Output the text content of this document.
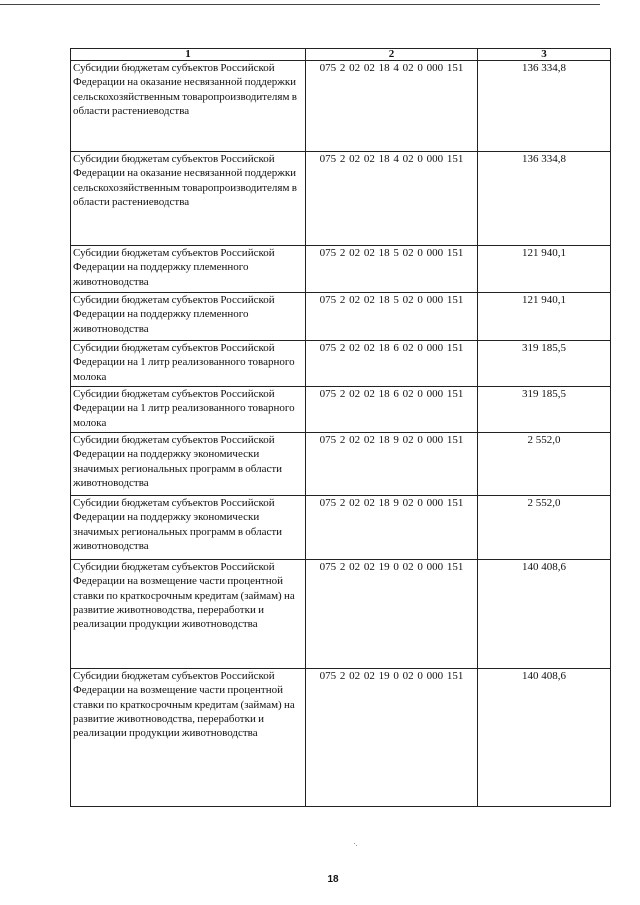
1	2	3
Субсидии бюджетам субъектов Российской Федерации на оказание несвязанной поддержки сельскохозяйственным товаропроизводителям в области растениеводства	075 2 02 02 18 4 02 0 000 151	136 334,8
Субсидии бюджетам субъектов Российской Федерации на оказание несвязанной поддержки сельскохозяйственным товаропроизводителям в области растениеводства	075 2 02 02 18 4 02 0 000 151	136 334,8
Субсидии бюджетам субъектов Российской Федерации на поддержку племенного животноводства	075 2 02 02 18 5 02 0 000 151	121 940,1
Субсидии бюджетам субъектов Российской Федерации на поддержку племенного животноводства	075 2 02 02 18 5 02 0 000 151	121 940,1
Субсидии бюджетам субъектов Российской Федерации на 1 литр реализованного товарного молока	075 2 02 02 18 6 02 0 000 151	319 185,5
Субсидии бюджетам субъектов Российской Федерации на 1 литр реализованного товарного молока	075 2 02 02 18 6 02 0 000 151	319 185,5
Субсидии бюджетам субъектов Российской Федерации на поддержку экономически значимых региональных программ в области животноводства	075 2 02 02 18 9 02 0 000 151	2 552,0
Субсидии бюджетам субъектов Российской Федерации на поддержку экономически значимых региональных программ в области животноводства	075 2 02 02 18 9 02 0 000 151	2 552,0
Субсидии бюджетам субъектов Российской Федерации на возмещение части процентной ставки по краткосрочным кредитам (займам) на развитие животноводства, переработки и реализации продукции животноводства	075 2 02 02 19 0 02 0 000 151	140 408,6
Субсидии бюджетам субъектов Российской Федерации на возмещение части процентной ставки по краткосрочным кредитам (займам) на развитие животноводства, переработки и реализации продукции животноводства	075 2 02 02 19 0 02 0 000 151	140 408,6
18
